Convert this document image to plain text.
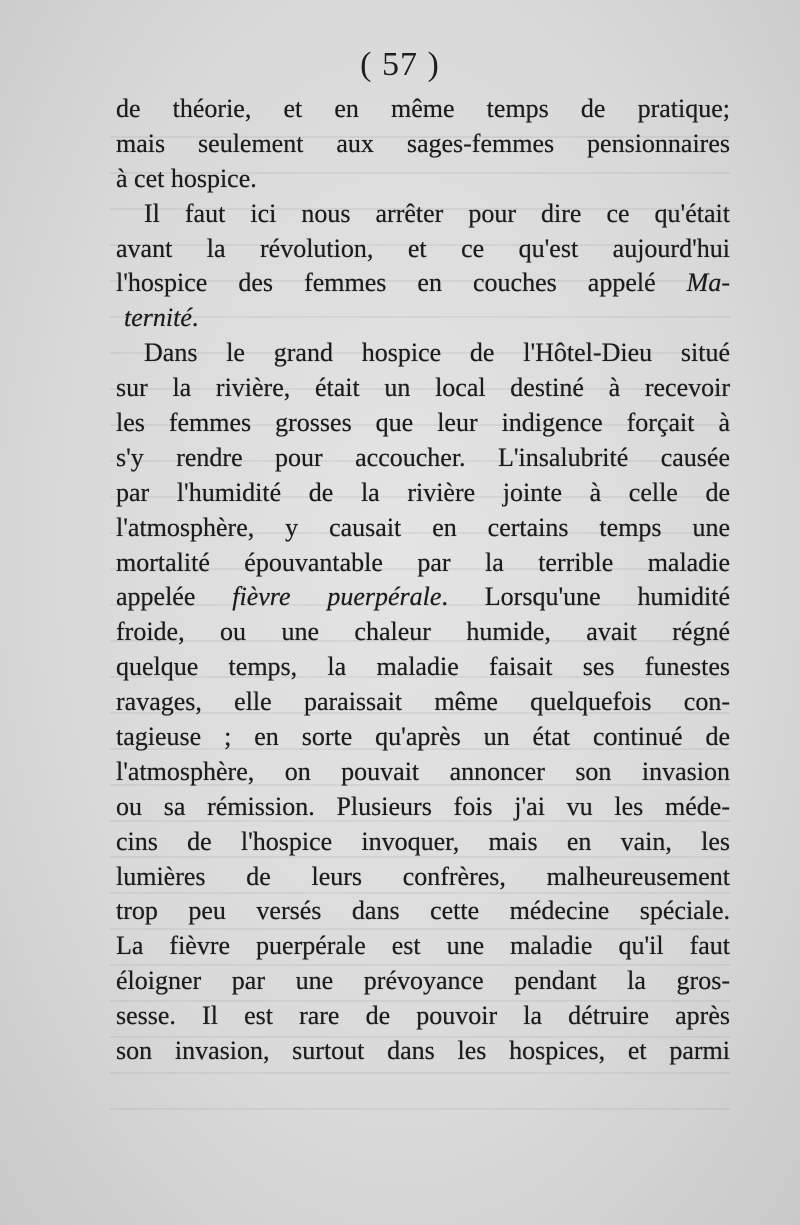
( 57 )
de théorie, et en même temps de pratique;
mais seulement aux sages-femmes pensionnaires
à cet hospice.
Il faut ici nous arrêter pour dire ce qu'était
avant la révolution, et ce qu'est aujourd'hui
l'hospice des femmes en couches appelé Ma-
ternité.
Dans le grand hospice de l'Hôtel-Dieu situé
sur la rivière, était un local destiné à recevoir
les femmes grosses que leur indigence forçait à
s'y rendre pour accoucher. L'insalubrité causée
par l'humidité de la rivière jointe à celle de
l'atmosphère, y causait en certains temps une
mortalité épouvantable par la terrible maladie
appelée fièvre puerpérale. Lorsqu'une humidité
froide, ou une chaleur humide, avait régné
quelque temps, la maladie faisait ses funestes
ravages, elle paraissait même quelquefois con-
tagieuse ; en sorte qu'après un état continué de
l'atmosphère, on pouvait annoncer son invasion
ou sa rémission. Plusieurs fois j'ai vu les méde-
cins de l'hospice invoquer, mais en vain, les
lumières de leurs confrères, malheureusement
trop peu versés dans cette médecine spéciale.
La fièvre puerpérale est une maladie qu'il faut
éloigner par une prévoyance pendant la gros-
sesse. Il est rare de pouvoir la détruire après
son invasion, surtout dans les hospices, et parmi
